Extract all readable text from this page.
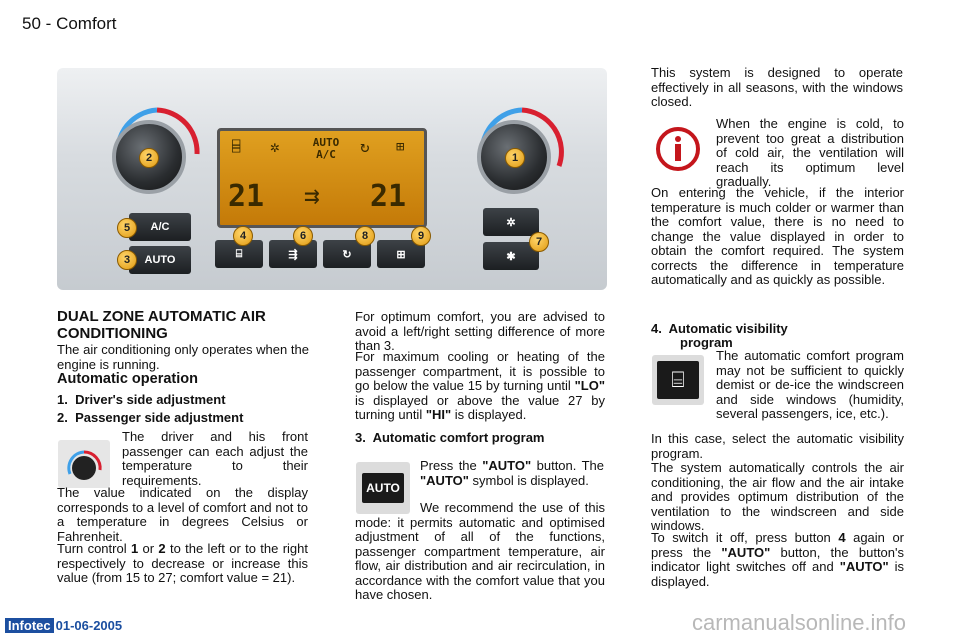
50 - Comfort
2	1
⌸ ✲	AUTO
A/C	↻ ⊞
21 ⇉ 21
A/C
AUTO
5
3
⌸	⇶	↻	⊞
4	6	8	9
✲
✱
7
DUAL ZONE AUTOMATIC AIR CONDITIONING
The air conditioning only operates when the engine is running.
Automatic operation
1.  Driver's side adjustment
2.  Passenger side adjustment
The driver and his front passenger can each adjust the temperature to their requirements.
The value indicated on the display corresponds to a level of comfort and not to a temperature in degrees Celsius or Fahrenheit.
Turn control 1 or 2 to the left or to the right respectively to decrease or increase this value (from 15 to 27; comfort value = 21).
For optimum comfort, you are advised to avoid a left/right setting difference of more than 3.
For maximum cooling or heating of the passenger compartment, it is possible to go below the value 15 by turning until "LO" is displayed or above the value 27 by turning until "HI" is displayed.
3.  Automatic comfort program
AUTO
Press the "AUTO" button. The "AUTO" symbol is displayed.
We recommend the use of this mode: it permits automatic and optimised adjustment of all of the functions, passenger compartment temperature, air flow, air distribution and air recirculation, in accordance with the comfort value that you have chosen.
This system is designed to operate effectively in all seasons, with the windows closed.
When the engine is cold, to prevent too great a distribution of cold air, the ventilation will reach its optimum level gradually.
On entering the vehicle, if the interior temperature is much colder or warmer than the comfort value, there is no need to change the value displayed in order to obtain the comfort required. The system corrects the difference in temperature automatically and as quickly as possible.
4.  Automatic visibility
program
⌸
The automatic comfort program may not be sufficient to quickly demist or de-ice the windscreen and side windows (humidity, several passengers, ice, etc.).
In this case, select the automatic visibility program.
The system automatically controls the air conditioning, the air flow and the air intake and provides optimum distribution of the ventilation to the windscreen and side windows.
To switch it off, press button 4 again or press the "AUTO" button, the button's indicator light switches off and "AUTO" is displayed.
Infotec 01-06-2005	carmanualsonline.info
